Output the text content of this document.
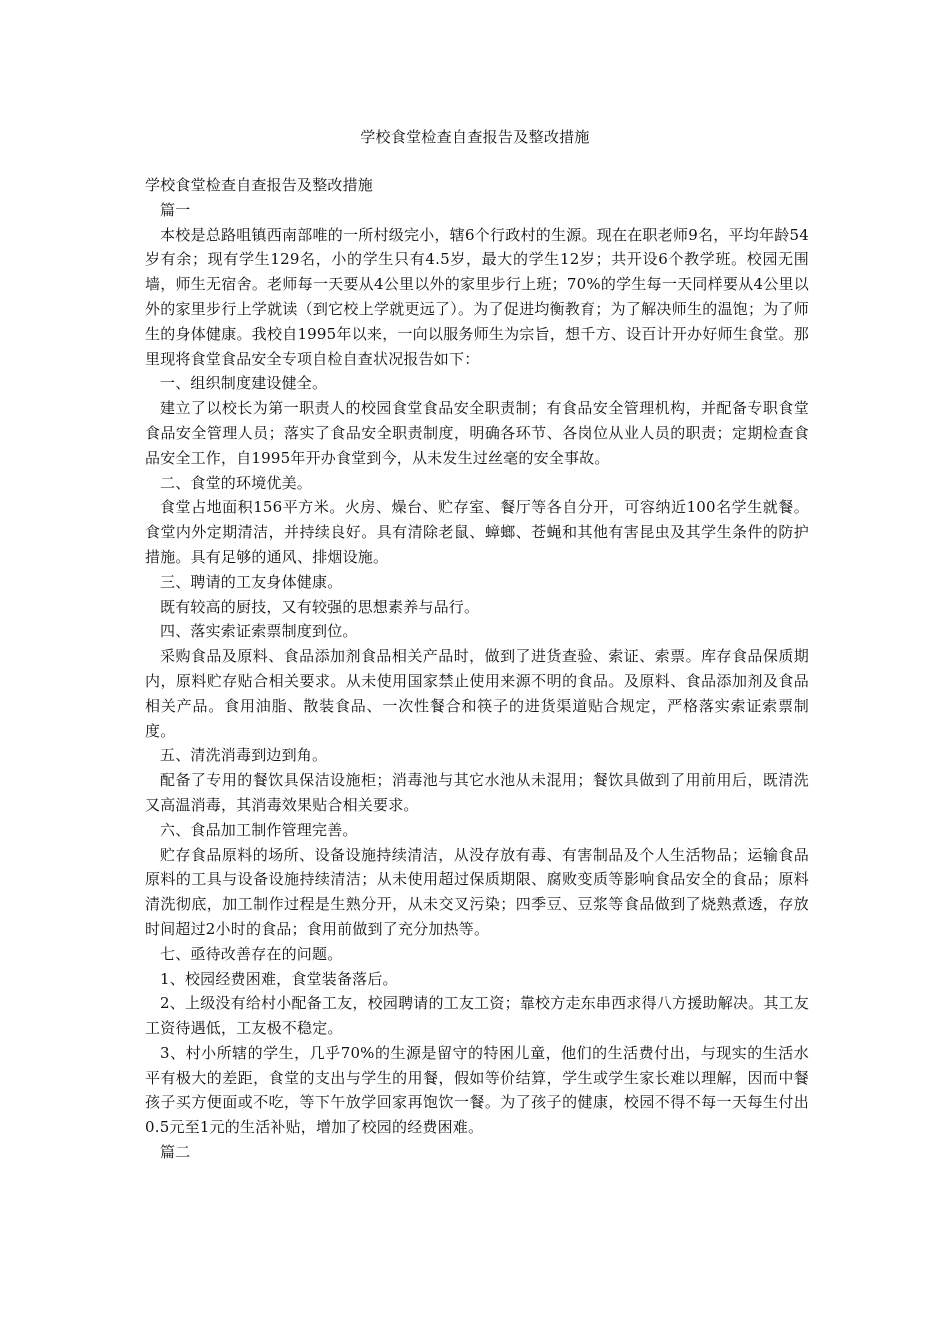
学校食堂检查自查报告及整改措施

学校食堂检查自查报告及整改措施

篇一

本校是总路咀镇西南部唯的一所村级完小，辖6个行政村的生源。现在在职老师9名，平均年龄54岁有余；现有学生129名，小的学生只有4.5岁，最大的学生12岁；共开设6个教学班。校园无围墙，师生无宿舍。老师每一天要从4公里以外的家里步行上班；70%的学生每一天同样要从4公里以外的家里步行上学就读（到它校上学就更远了）。为了促进均衡教育；为了解决师生的温饱；为了师生的身体健康。我校自1995年以来，一向以服务师生为宗旨，想千方、设百计开办好师生食堂。那里现将食堂食品安全专项自检自查状况报告如下：

一、组织制度建设健全。

建立了以校长为第一职责人的校园食堂食品安全职责制；有食品安全管理机构，并配备专职食堂食品安全管理人员；落实了食品安全职责制度，明确各环节、各岗位从业人员的职责；定期检查食品安全工作，自1995年开办食堂到今，从未发生过丝毫的安全事故。

二、食堂的环境优美。

食堂占地面积156平方米。火房、燥台、贮存室、餐厅等各自分开，可容纳近100名学生就餐。食堂内外定期清洁，并持续良好。具有清除老鼠、蟑螂、苍蝇和其他有害昆虫及其学生条件的防护措施。具有足够的通风、排烟设施。

三、聘请的工友身体健康。

既有较高的厨技，又有较强的思想素养与品行。

四、落实索证索票制度到位。

采购食品及原料、食品添加剂食品相关产品时，做到了进货查验、索证、索票。库存食品保质期内，原料贮存贴合相关要求。从未使用国家禁止使用来源不明的食品。及原料、食品添加剂及食品相关产品。食用油脂、散装食品、一次性餐合和筷子的进货渠道贴合规定，严格落实索证索票制度。

五、清洗消毒到边到角。

配备了专用的餐饮具保洁设施柜；消毒池与其它水池从未混用；餐饮具做到了用前用后，既清洗又高温消毒，其消毒效果贴合相关要求。

六、食品加工制作管理完善。

贮存食品原料的场所、设备设施持续清洁，从没存放有毒、有害制品及个人生活物品；运输食品原料的工具与设备设施持续清洁；从未使用超过保质期限、腐败变质等影响食品安全的食品；原料清洗彻底，加工制作过程是生熟分开，从未交叉污染；四季豆、豆浆等食品做到了烧熟煮透，存放时间超过2小时的食品；食用前做到了充分加热等。

七、亟待改善存在的问题。

1、校园经费困难，食堂装备落后。

2、上级没有给村小配备工友，校园聘请的工友工资；靠校方走东串西求得八方援助解决。其工友工资待遇低，工友极不稳定。

3、村小所辖的学生，几乎70%的生源是留守的特困儿童，他们的生活费付出，与现实的生活水平有极大的差距，食堂的支出与学生的用餐，假如等价结算，学生或学生家长难以理解，因而中餐孩子买方便面或不吃，等下午放学回家再饱饮一餐。为了孩子的健康，校园不得不每一天每生付出0.5元至1元的生活补贴，增加了校园的经费困难。

篇二
